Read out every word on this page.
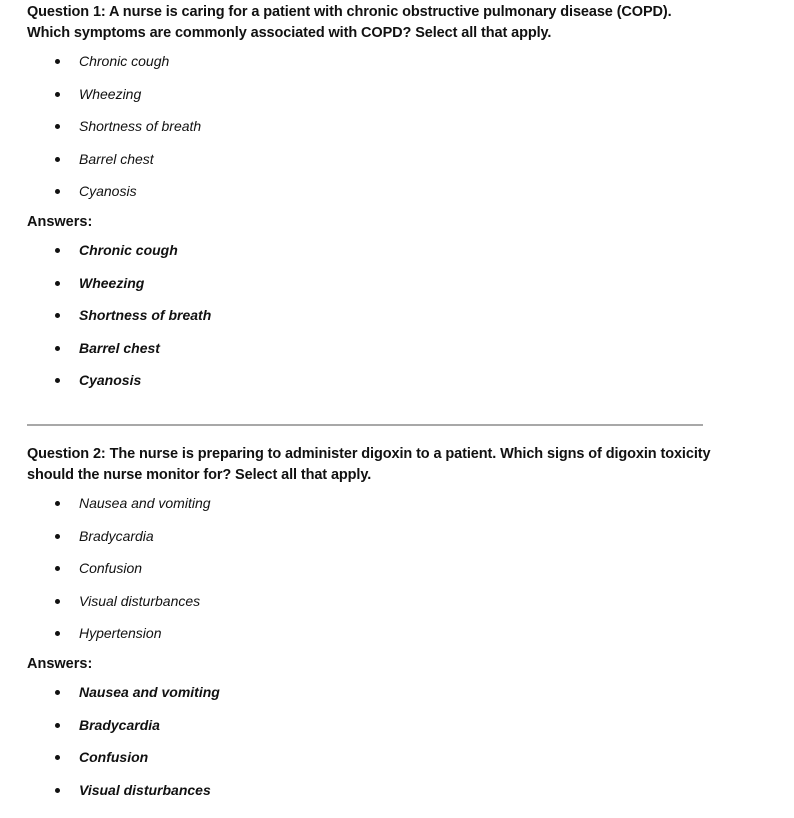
Question 1: A nurse is caring for a patient with chronic obstructive pulmonary disease (COPD). Which symptoms are commonly associated with COPD? Select all that apply.

Chronic cough
Wheezing
Shortness of breath
Barrel chest
Cyanosis

Answers:

Chronic cough
Wheezing
Shortness of breath
Barrel chest
Cyanosis

Question 2: The nurse is preparing to administer digoxin to a patient. Which signs of digoxin toxicity should the nurse monitor for? Select all that apply.

Nausea and vomiting
Bradycardia
Confusion
Visual disturbances
Hypertension

Answers:

Nausea and vomiting
Bradycardia
Confusion
Visual disturbances
